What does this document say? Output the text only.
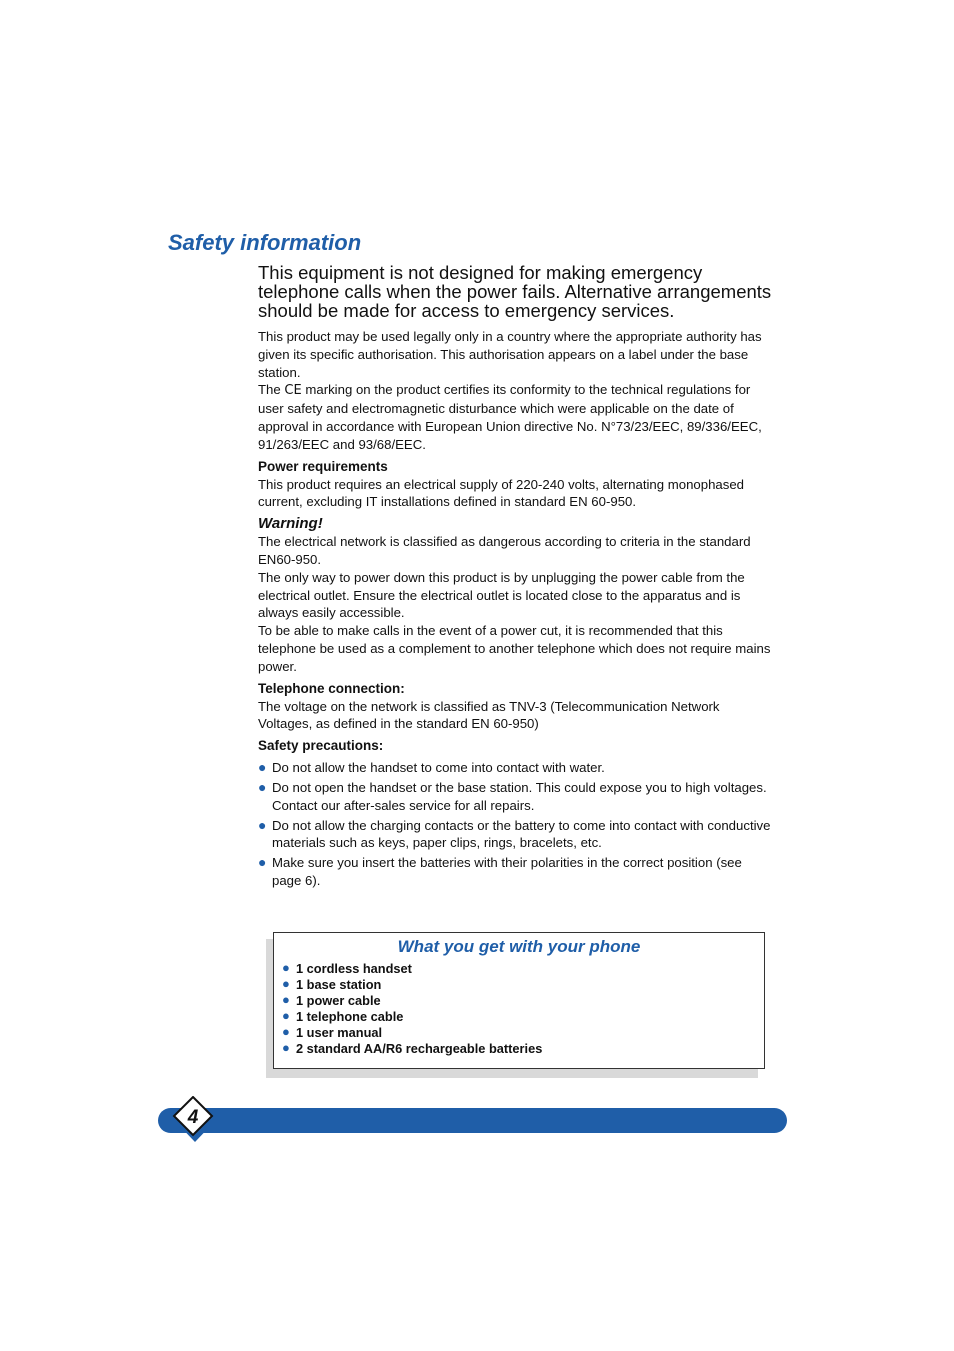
Safety information

This equipment is not designed for making emergency telephone calls when the power fails. Alternative arrangements should be made for access to emergency services.

This product may be used legally only in a country where the appropriate authority has given its specific authorisation. This authorisation appears on a label under the base station.

The CE marking on the product certifies its conformity to the technical regulations for user safety and electromagnetic disturbance which were applicable on the date of approval in accordance with European Union directive No. N°73/23/EEC, 89/336/EEC, 91/263/EEC and 93/68/EEC.

Power requirements

This product requires an electrical supply of 220-240 volts, alternating monophased current, excluding IT installations defined in standard EN 60-950.

Warning!

The electrical network is classified as dangerous according to criteria in the standard EN60-950.

The only way to power down this product is by unplugging the power cable from the electrical outlet. Ensure the electrical outlet is located close to the apparatus and is always easily accessible.

To be able to make calls in the event of a power cut, it is recommended that this telephone be used as a complement to another telephone which does not require mains power.

Telephone connection:

The voltage on the network is classified as TNV-3 (Telecommunication Network Voltages, as defined in the standard EN 60-950)

Safety precautions:
● Do not allow the handset to come into contact with water.
● Do not open the handset or the base station. This could expose you to high voltages. Contact our after-sales service for all repairs.
● Do not allow the charging contacts or the battery to come into contact with conductive materials such as keys, paper clips, rings, bracelets, etc.
● Make sure you insert the batteries with their polarities in the correct position (see page 6).
What you get with your phone
● 1 cordless handset
● 1 base station
● 1 power cable
● 1 telephone cable
● 1 user manual
● 2 standard AA/R6 rechargeable batteries
4
